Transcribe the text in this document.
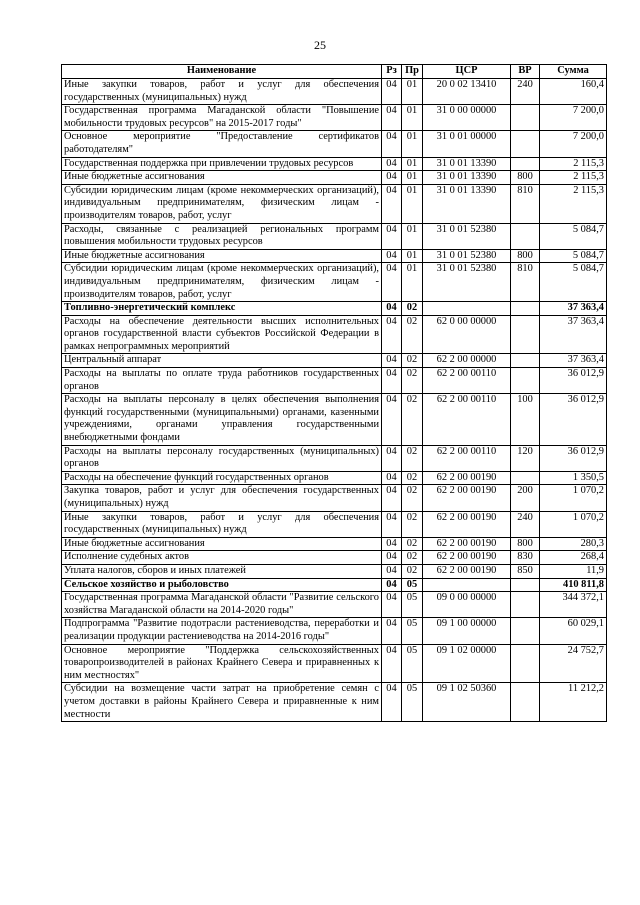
25
Наименование	Рз	Пр	ЦСР	ВР	Сумма
Иные закупки товаров, работ и услуг для обеспечения государственных (муниципальных) нужд	04	01	20 0 02 13410	240	160,4
Государственная программа Магаданской области "Повышение мобильности трудовых ресурсов" на 2015-2017 годы"	04	01	31 0 00 00000		7 200,0
Основное мероприятие "Предоставление сертификатов работодателям"	04	01	31 0 01 00000		7 200,0
Государственная поддержка при привлечении трудовых ресурсов	04	01	31 0 01 13390		2 115,3
Иные бюджетные ассигнования	04	01	31 0 01 13390	800	2 115,3
Субсидии юридическим лицам (кроме некоммерческих организаций), индивидуальным предпринимателям, физическим лицам - производителям товаров, работ, услуг	04	01	31 0 01 13390	810	2 115,3
Расходы, связанные с реализацией региональных программ повышения мобильности трудовых ресурсов	04	01	31 0 01 52380		5 084,7
Иные бюджетные ассигнования	04	01	31 0 01 52380	800	5 084,7
Субсидии юридическим лицам (кроме некоммерческих организаций), индивидуальным предпринимателям, физическим лицам - производителям товаров, работ, услуг	04	01	31 0 01 52380	810	5 084,7
Топливно-энергетический комплекс	04	02			37 363,4
Расходы на обеспечение деятельности высших исполнительных органов государственной власти субъектов Российской Федерации в рамках непрограммных мероприятий	04	02	62 0 00 00000		37 363,4
Центральный аппарат	04	02	62 2 00 00000		37 363,4
Расходы на выплаты по оплате труда работников государственных органов	04	02	62 2 00 00110		36 012,9
Расходы на выплаты персоналу в целях обеспечения выполнения функций государственными (муниципальными) органами, казенными учреждениями, органами управления государственными внебюджетными фондами	04	02	62 2 00 00110	100	36 012,9
Расходы на выплаты персоналу государственных (муниципальных) органов	04	02	62 2 00 00110	120	36 012,9
Расходы на обеспечение функций государственных органов	04	02	62 2 00 00190		1 350,5
Закупка товаров, работ и услуг для обеспечения государственных (муниципальных) нужд	04	02	62 2 00 00190	200	1 070,2
Иные закупки товаров, работ и услуг для обеспечения государственных (муниципальных) нужд	04	02	62 2 00 00190	240	1 070,2
Иные бюджетные ассигнования	04	02	62 2 00 00190	800	280,3
Исполнение судебных актов	04	02	62 2 00 00190	830	268,4
Уплата налогов, сборов и иных платежей	04	02	62 2 00 00190	850	11,9
Сельское хозяйство и рыболовство	04	05			410 811,8
Государственная программа Магаданской области "Развитие сельского хозяйства Магаданской области на 2014-2020 годы"	04	05	09 0 00 00000		344 372,1
Подпрограмма "Развитие подотрасли растениеводства, переработки и реализации продукции растениеводства на 2014-2016 годы"	04	05	09 1 00 00000		60 029,1
Основное мероприятие "Поддержка сельскохозяйственных товаропроизводителей в районах Крайнего Севера и приравненных к ним местностях"	04	05	09 1 02 00000		24 752,7
Субсидии на возмещение части затрат на приобретение семян с учетом доставки в районы Крайнего Севера и приравненные к ним местности	04	05	09 1 02 50360		11 212,2
